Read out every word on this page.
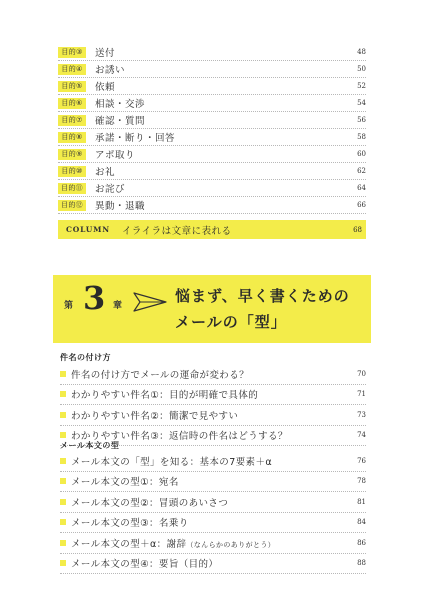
目的③	送付	48
目的④	お誘い	50
目的⑤	依頼	52
目的⑥	相談・交渉	54
目的⑦	確認・質問	56
目的⑧	承諾・断り・回答	58
目的⑨	アポ取り	60
目的⑩	お礼	62
目的⑪	お詫び	64
目的⑫	異動・退職	66
COLUMN イライラは文章に表れる	68
第 3 章
悩まず、早く書くための
メールの「型」
件名の付け方
件名の付け方でメールの運命が変わる？	70
わかりやすい件名①：目的が明確で具体的	71
わかりやすい件名②：簡潔で見やすい	73
わかりやすい件名③：返信時の件名はどうする？	74
メール本文の型
メール本文の「型」を知る：基本の7要素＋α	76
メール本文の型①：宛名	78
メール本文の型②：冒頭のあいさつ	81
メール本文の型③：名乗り	84
メール本文の型＋α：謝辞（なんらかのありがとう）	86
メール本文の型④：要旨（目的）	88
